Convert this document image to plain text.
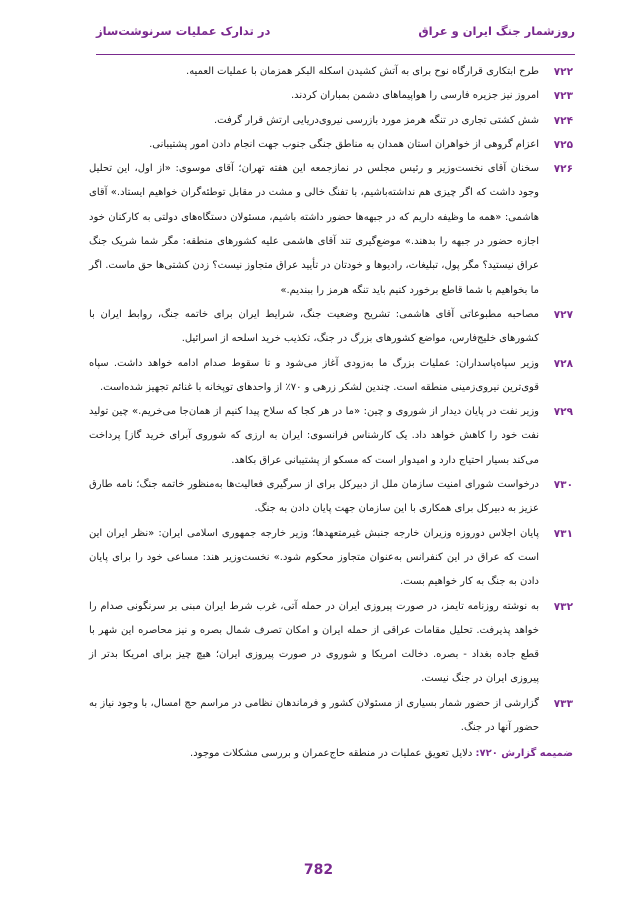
روزشمار جنگ ایران و عراق
در تدارک عملیات سرنوشت‌ساز
۷۲۲
طرح ابتکاری قرارگاه نوح برای به آتش کشیدن اسکله البکر همزمان با عملیات العمیه.
۷۲۳
امروز نیز جزیره فارسی را هواپیماهای دشمن بمباران کردند.
۷۲۴
شش کشتی تجاری در تنگه هرمز مورد بازرسی نیروی‌دریایی ارتش قرار گرفت.
۷۲۵
اعزام گروهی از خواهران استان همدان به مناطق جنگی جنوب جهت انجام دادن امور پشتیبانی.
۷۲۶
سخنان آقای نخست‌وزیر و رئیس مجلس در نمازجمعه این هفته تهران؛ آقای موسوی: «از اول، این تحلیل وجود داشت که اگر چیزی هم نداشته‌باشیم، با تفنگ خالی و مشت در مقابل توطئه‌گران خواهیم ایستاد.» آقای هاشمی: «همه ما وظیفه داریم که در جبهه‌ها حضور داشته باشیم، مسئولان دستگاه‌های دولتی به کارکنان خود اجازه حضور در جبهه را بدهند.» موضع‌گیری تند آقای هاشمی علیه کشورهای منطقه: مگر شما شریک جنگ عراق نیستید؟ مگر پول، تبلیغات، رادیوها و خودتان در تأیید عراق متجاوز نیست؟ زدن کشتی‌ها حق ماست. اگر ما بخواهیم با شما قاطع برخورد کنیم باید تنگه هرمز را ببندیم.»
۷۲۷
مصاحبه مطبوعاتی آقای هاشمی: تشریح وضعیت جنگ، شرایط ایران برای خاتمه جنگ، روابط ایران با کشورهای خلیج‌فارس، مواضع کشورهای بزرگ در جنگ، تکذیب خرید اسلحه از اسرائیل.
۷۲۸
وزیر سپاه‌پاسداران: عملیات بزرگ ما به‌زودی آغاز می‌شود و تا سقوط صدام ادامه خواهد داشت. سپاه قوی‌ترین نیروی‌زمینی منطقه است. چندین لشکر زرهی و ۷۰٪ از واحدهای توپخانه با غنائم تجهیز شده‌است.
۷۲۹
وزیر نفت در پایان دیدار از شوروی و چین: «ما در هر کجا که سلاح پیدا کنیم از همان‌جا می‌خریم.» چین تولید نفت خود را کاهش خواهد داد. یک کارشناس فرانسوی: ایران به ارزی که شوروی آبرای خرید گاز] پرداخت می‌کند بسیار احتیاج دارد و امیدوار است که مسکو از پشتیبانی عراق بکاهد.
۷۳۰
درخواست شورای امنیت سازمان ملل از دبیرکل برای از سرگیری فعالیت‌ها به‌منظور خاتمه جنگ؛ نامه طارق عزیز به دبیرکل برای همکاری با این سازمان جهت پایان دادن به جنگ.
۷۳۱
پایان اجلاس دوروزه وزیران خارجه جنبش غیرمتعهدها؛ وزیر خارجه جمهوری اسلامی ایران: «نظر ایران این است که عراق در این کنفرانس به‌عنوان متجاوز محکوم شود.» نخست‌وزیر هند: مساعی خود را برای پایان دادن به جنگ به کار خواهیم بست.
۷۳۲
به نوشته روزنامه تایمز، در صورت پیروزی ایران در حمله آتی، غرب شرط ایران مبنی بر سرنگونی صدام را خواهد پذیرفت. تحلیل مقامات عراقی از حمله ایران و امکان تصرف شمال بصره و نیز محاصره این شهر با قطع جاده بغداد - بصره. دخالت امریکا و شوروی در صورت پیروزی ایران؛ هیچ چیز برای امریکا بدتر از پیروزی ایران در جنگ نیست.
۷۳۳
گزارشی از حضور شمار بسیاری از مسئولان کشور و فرماندهان نظامی در مراسم حج امسال، با وجود نیاز به حضور آنها در جنگ.
ضمیمه گزارش ۷۲۰: دلایل تعویق عملیات در منطقه حاج‌عمران و بررسی مشکلات موجود.
782
